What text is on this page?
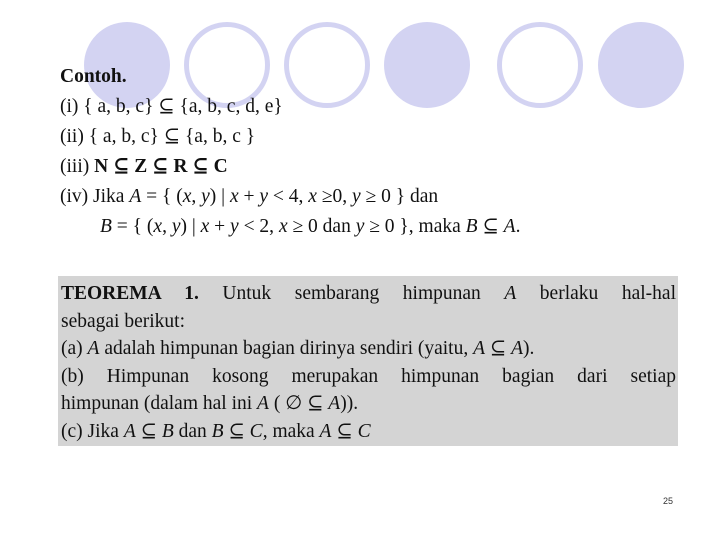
Contoh.
(i) { a, b, c} ⊆ {a, b, c, d, e}
(ii) { a, b, c} ⊆ {a, b, c }
(iii) N ⊆ Z ⊆ R ⊆ C
(iv) Jika A = { (x, y) | x + y < 4, x ≥0, y ≥ 0 } dan
B = { (x, y) | x + y < 2, x ≥ 0 dan y ≥ 0 }, maka B ⊆ A.
TEOREMA 1. Untuk sembarang himpunan A berlaku hal-hal
sebagai berikut:
(a) A adalah himpunan bagian dirinya sendiri (yaitu, A ⊆ A).
(b) Himpunan kosong merupakan himpunan bagian dari setiap
himpunan (dalam hal ini A ( ∅ ⊆ A)).
(c) Jika A ⊆ B dan B ⊆ C, maka A ⊆ C
25
